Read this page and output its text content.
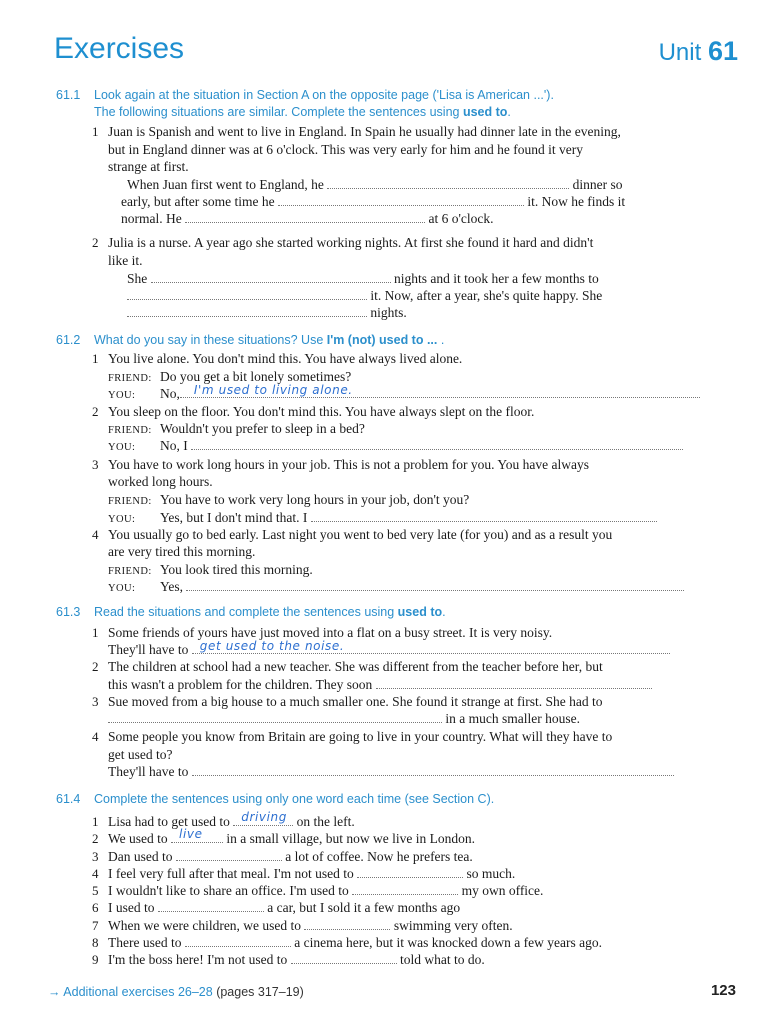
Exercises	Unit 61
61.1 Look again at the situation in Section A on the opposite page ('Lisa is American ...').
The following situations are similar. Complete the sentences using used to.
1 Juan is Spanish and went to live in England. In Spain he usually had dinner late in the evening,
but in England dinner was at 6 o'clock. This was very early for him and he found it very
strange at first.
When Juan first went to England, he	dinner so
early, but after some time he	it. Now he finds it
normal. He	at 6 o'clock.
2 Julia is a nurse. A year ago she started working nights. At first she found it hard and didn't
like it.
She	nights and it took her a few months to
it. Now, after a year, she's quite happy. She
nights.
61.2 What do you say in these situations? Use I'm (not) used to ... .
1 You live alone. You don't mind this. You have always lived alone.
FRIEND: Do you get a bit lonely sometimes?
YOU: No,	I'm used to living alone.
2 You sleep on the floor. You don't mind this. You have always slept on the floor.
FRIEND: Wouldn't you prefer to sleep in a bed?
YOU: No, I
3 You have to work long hours in your job. This is not a problem for you. You have always
worked long hours.
FRIEND: You have to work very long hours in your job, don't you?
YOU: Yes, but I don't mind that. I
4 You usually go to bed early. Last night you went to bed very late (for you) and as a result you
are very tired this morning.
FRIEND: You look tired this morning.
YOU: Yes,
61.3 Read the situations and complete the sentences using used to.
1 Some friends of yours have just moved into a flat on a busy street. It is very noisy.
They'll have to get used to the noise.
2 The children at school had a new teacher. She was different from the teacher before her, but
this wasn't a problem for the children. They soon
3 Sue moved from a big house to a much smaller one. She found it strange at first. She had to
in a much smaller house.
4 Some people you know from Britain are going to live in your country. What will they have to
get used to?
They'll have to
61.4 Complete the sentences using only one word each time (see Section C).
1 Lisa had to get used to driving on the left.
2 We used to live in a small village, but now we live in London.
3 Dan used to	a lot of coffee. Now he prefers tea.
4 I feel very full after that meal. I'm not used to	so much.
5 I wouldn't like to share an office. I'm used to	my own office.
6 I used to	a car, but I sold it a few months ago
7 When we were children, we used to	swimming very often.
8 There used to	a cinema here, but it was knocked down a few years ago.
9 I'm the boss here! I'm not used to	told what to do.
→ Additional exercises 26–28 (pages 317–19)	123
